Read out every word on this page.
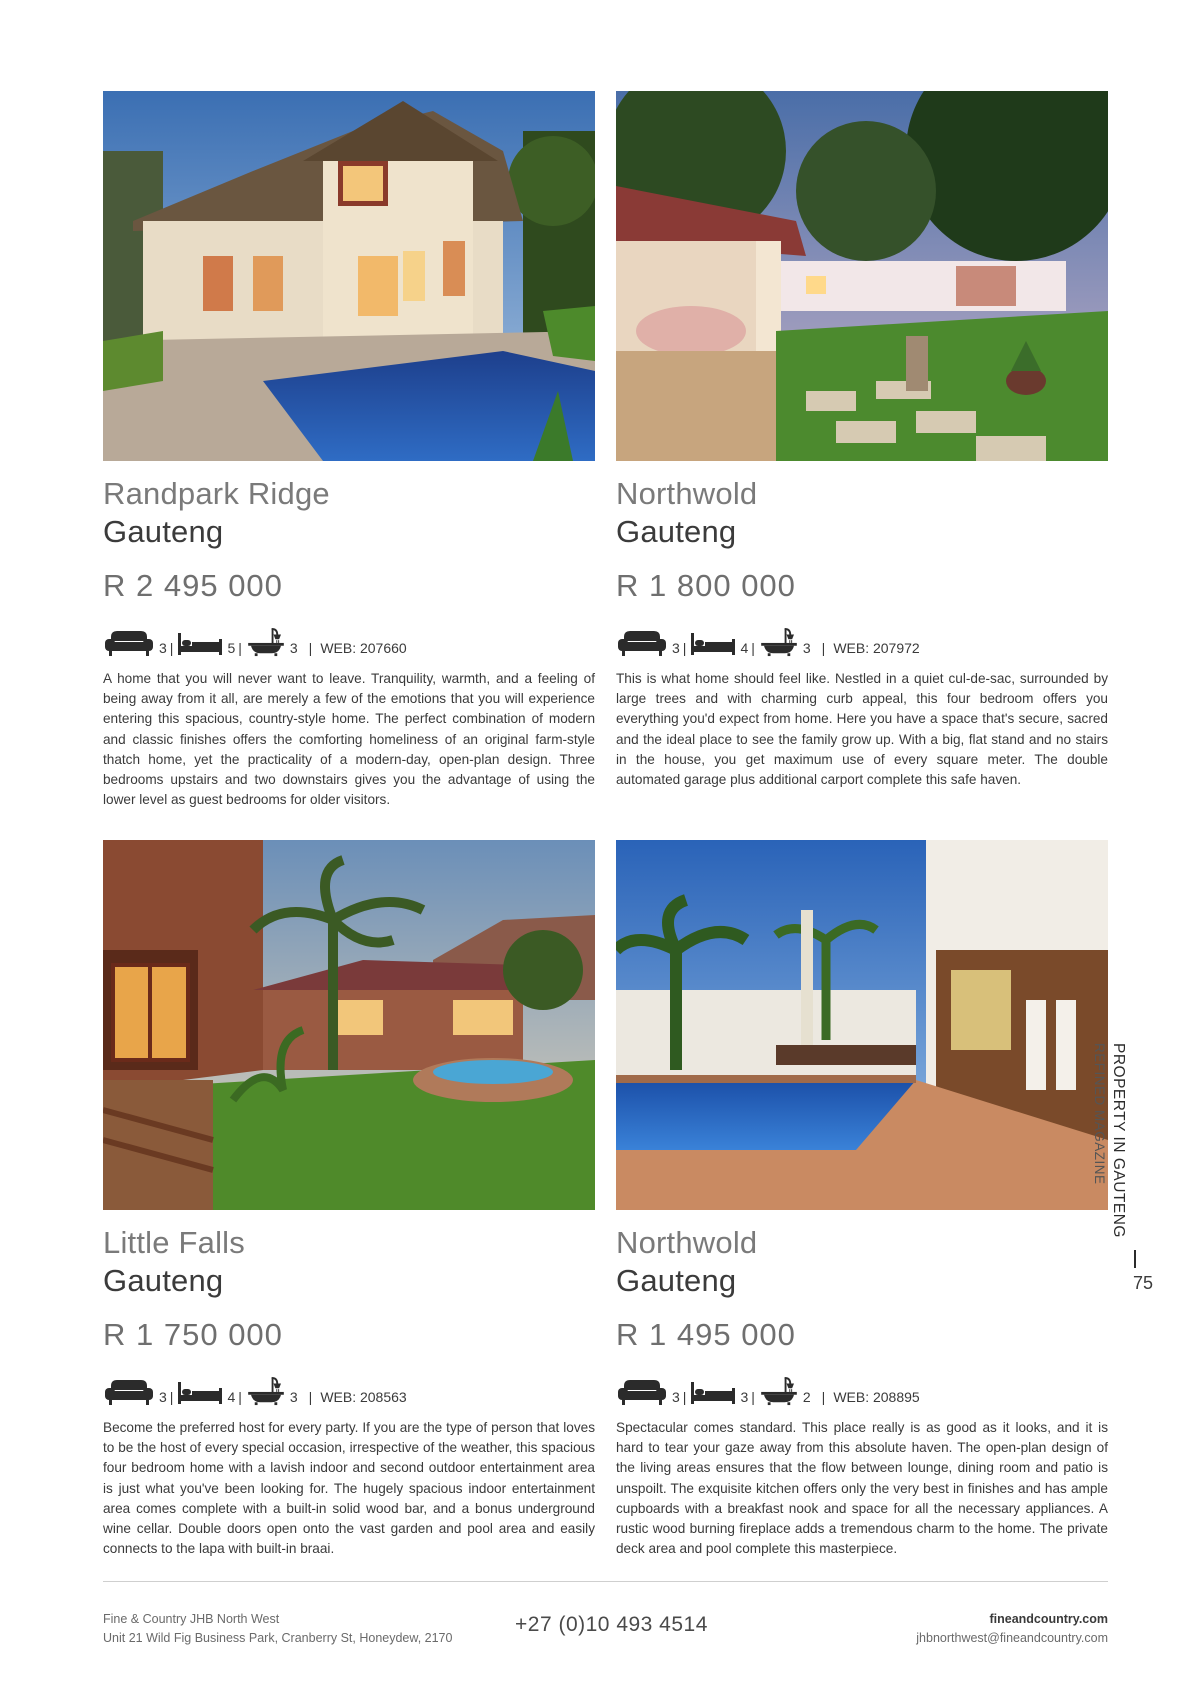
Randpark Ridge
Gauteng
R 2 495 000
3 |	5 |	3 | WEB: 207660

A home that you will never want to leave. Tranquility, warmth, and a feeling of being away from it all, are merely a few of the emotions that you will experience entering this spacious, country-style home. The perfect combination of modern and classic finishes offers the comforting homeliness of an original farm-style thatch home, yet the practicality of a modern-day, open-plan design. Three bedrooms upstairs and two downstairs gives you the advantage of using the lower level as guest bedrooms for older visitors.

Northwold
Gauteng
R 1 800 000
3 |	4 |	3 | WEB: 207972

This is what home should feel like. Nestled in a quiet cul-de-sac, surrounded by large trees and with charming curb appeal, this four bedroom offers you everything you'd expect from home. Here you have a space that's secure, sacred and the ideal place to see the family grow up. With a big, flat stand and no stairs in the house, you get maximum use of every square meter. The double automated garage plus additional carport complete this safe haven.

Little Falls
Gauteng
R 1 750 000
3 |	4 |	3 | WEB: 208563

Become the preferred host for every party. If you are the type of person that loves to be the host of every special occasion, irrespective of the weather, this spacious four bedroom home with a lavish indoor and second outdoor entertainment area is just what you've been looking for. The hugely spacious indoor entertainment area comes complete with a built-in solid wood bar, and a bonus underground wine cellar. Double doors open onto the vast garden and pool area and easily connects to the lapa with built-in braai.

Northwold
Gauteng
R 1 495 000
3 |	3 |	2 | WEB: 208895

Spectacular comes standard. This place really is as good as it looks, and it is hard to tear your gaze away from this absolute haven. The open-plan design of the living areas ensures that the flow between lounge, dining room and patio is unspoilt. The exquisite kitchen offers only the very best in finishes and has ample cupboards with a breakfast nook and space for all the necessary appliances. A rustic wood burning fireplace adds a tremendous charm to the home. The private deck area and pool complete this masterpiece.

PROPERTY IN GAUTENG
REFINED MAGAZINE
75
Fine & Country JHB North West
Unit 21 Wild Fig Business Park, Cranberry St, Honeydew, 2170
+27 (0)10 493 4514	fineandcountry.com
jhbnorthwest@fineandcountry.com
